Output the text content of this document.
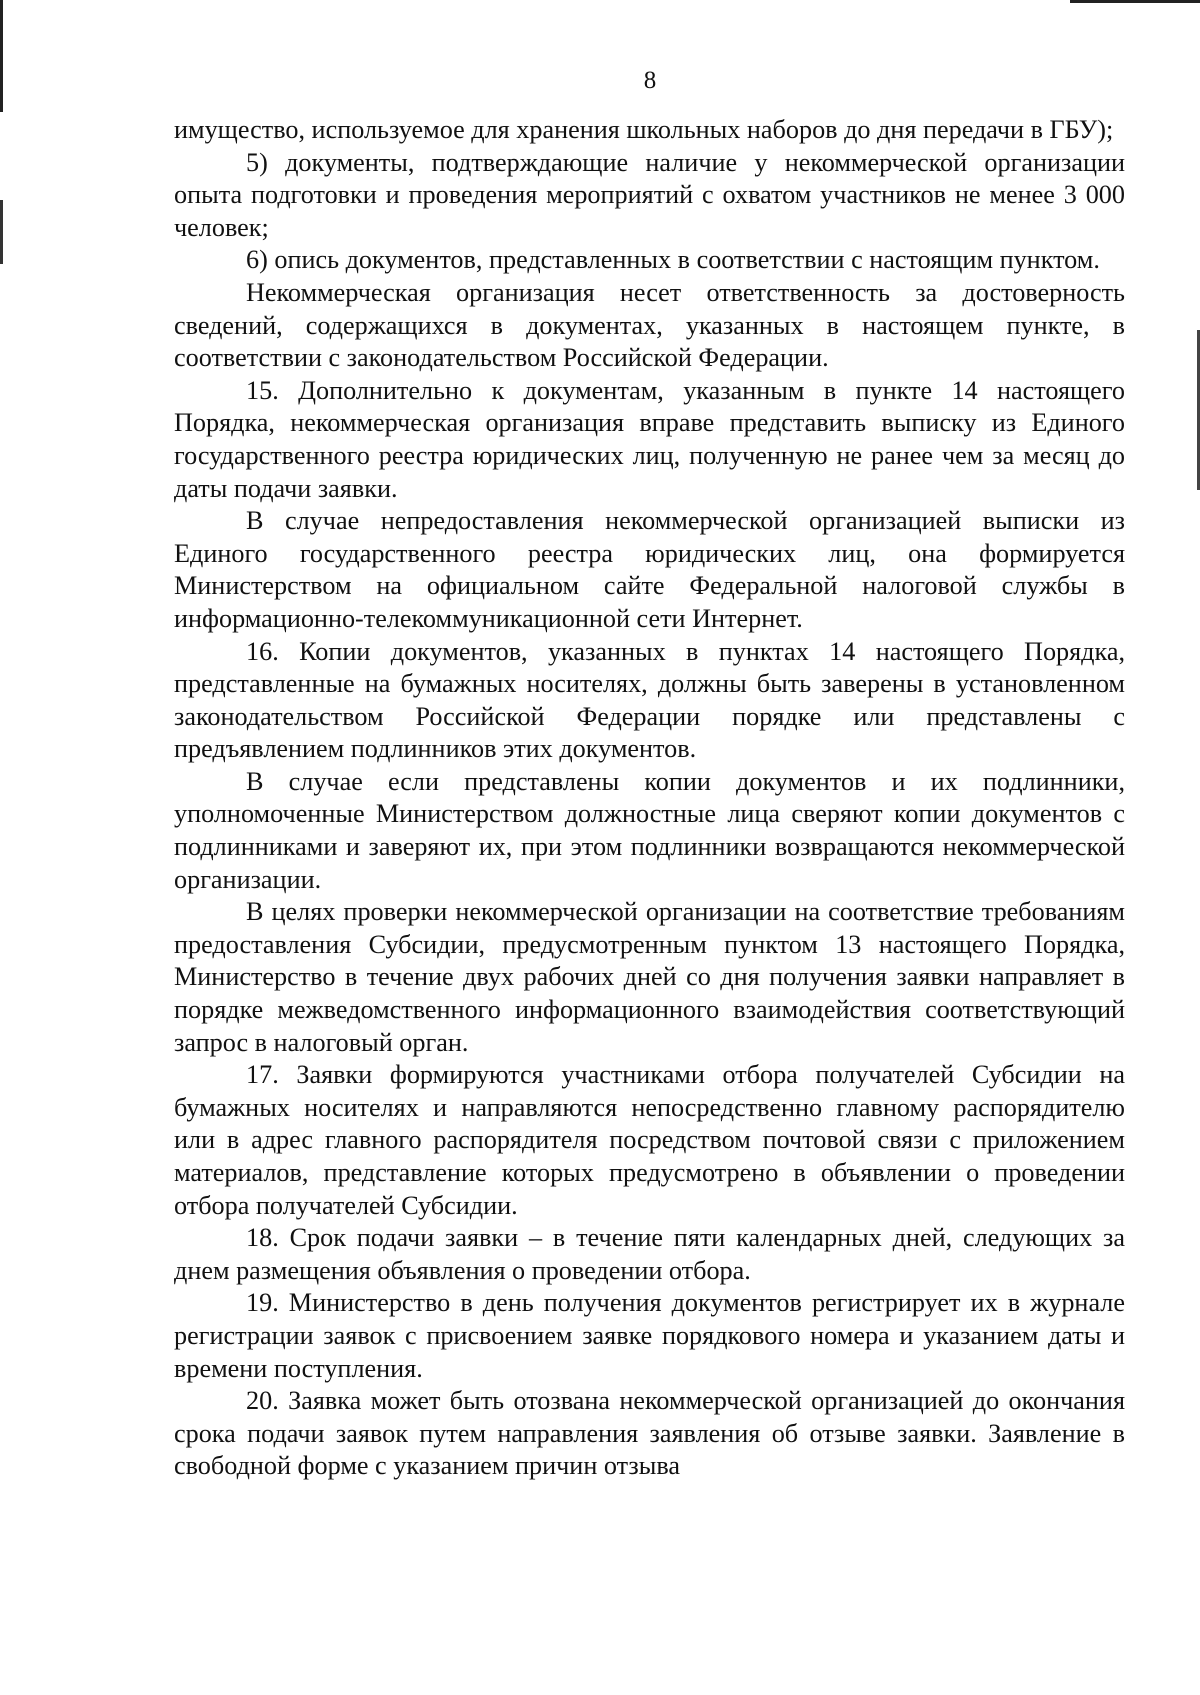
8

имущество, используемое для хранения школьных наборов до дня передачи в ГБУ);

5) документы, подтверждающие наличие у некоммерческой организации опыта подготовки и проведения мероприятий с охватом участников не менее 3 000 человек;

6) опись документов, представленных в соответствии с настоящим пунктом.

Некоммерческая организация несет ответственность за достоверность сведений, содержащихся в документах, указанных в настоящем пункте, в соответствии с законодательством Российской Федерации.

15. Дополнительно к документам, указанным в пункте 14 настоящего Порядка, некоммерческая организация вправе представить выписку из Единого государственного реестра юридических лиц, полученную не ранее чем за месяц до даты подачи заявки.

В случае непредоставления некоммерческой организацией выписки из Единого государственного реестра юридических лиц, она формируется Министерством на официальном сайте Федеральной налоговой службы в информационно-телекоммуникационной сети Интернет.

16. Копии документов, указанных в пунктах 14 настоящего Порядка, представленные на бумажных носителях, должны быть заверены в установленном законодательством Российской Федерации порядке или представлены с предъявлением подлинников этих документов.

В случае если представлены копии документов и их подлинники, уполномоченные Министерством должностные лица сверяют копии документов с подлинниками и заверяют их, при этом подлинники возвращаются некоммерческой организации.

В целях проверки некоммерческой организации на соответствие требованиям предоставления Субсидии, предусмотренным пунктом 13 настоящего Порядка, Министерство в течение двух рабочих дней со дня получения заявки направляет в порядке межведомственного информационного взаимодействия соответствующий запрос в налоговый орган.

17. Заявки формируются участниками отбора получателей Субсидии на бумажных носителях и направляются непосредственно главному распорядителю или в адрес главного распорядителя посредством почтовой связи с приложением материалов, представление которых предусмотрено в объявлении о проведении отбора получателей Субсидии.

18. Срок подачи заявки – в течение пяти календарных дней, следующих за днем размещения объявления о проведении отбора.

19. Министерство в день получения документов регистрирует их в журнале регистрации заявок с присвоением заявке порядкового номера и указанием даты и времени поступления.

20. Заявка может быть отозвана некоммерческой организацией до окончания срока подачи заявок путем направления заявления об отзыве заявки. Заявление в свободной форме с указанием причин отзыва
